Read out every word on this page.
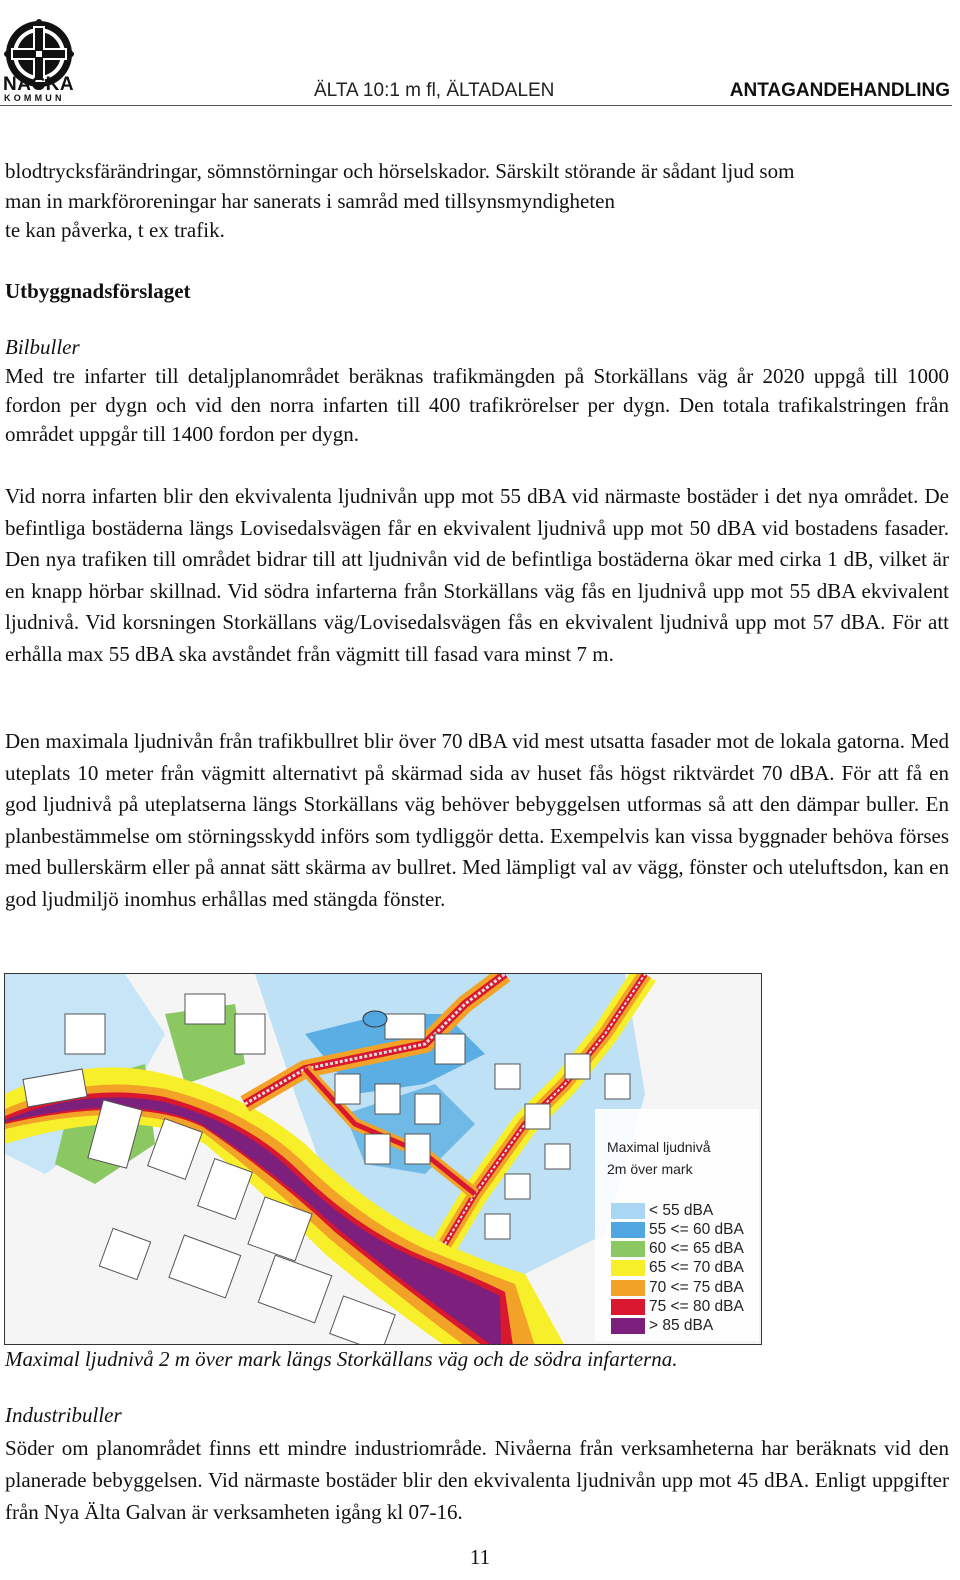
NACKA
KOMMUN	ÄLTA 10:1 m fl, ÄLTADALEN	ANTAGANDEHANDLING
blodtrycksfärändringar, sömnstörningar och hörselskador. Särskilt störande är sådant ljud som
man in markföroreningar har sanerats i samråd med tillsynsmyndigheten
te kan påverka, t ex trafik.
Utbyggnadsförslaget
Bilbuller
Med tre infarter till detaljplanområdet beräknas trafikmängden på Storkällans väg år 2020 uppgå till 1000 fordon per dygn och vid den norra infarten till 400 trafikrörelser per dygn. Den totala trafikalstringen från området uppgår till 1400 fordon per dygn.
Vid norra infarten blir den ekvivalenta ljudnivån upp mot 55 dBA vid närmaste bostäder i det nya området. De befintliga bostäderna längs Lovisedalsvägen får en ekvivalent ljudnivå upp mot 50 dBA vid bostadens fasader. Den nya trafiken till området bidrar till att ljudnivån vid de befintliga bostäderna ökar med cirka 1 dB, vilket är en knapp hörbar skillnad. Vid södra infarterna från Storkällans väg fås en ljudnivå upp mot 55 dBA ekvivalent ljudnivå. Vid korsningen Storkällans väg/Lovisedalsvägen fås en ekvivalent ljudnivå upp mot 57 dBA. För att erhålla max 55 dBA ska avståndet från vägmitt till fasad vara minst 7 m.
Den maximala ljudnivån från trafikbullret blir över 70 dBA vid mest utsatta fasader mot de lokala gatorna. Med uteplats 10 meter från vägmitt alternativt på skärmad sida av huset fås högst riktvärdet 70 dBA. För att få en god ljudnivå på uteplatserna längs Storkällans väg behöver bebyggelsen utformas så att den dämpar buller. En planbestämmelse om störningsskydd införs som tydliggör detta. Exempelvis kan vissa byggnader behöva förses med bullerskärm eller på annat sätt skärma av bullret. Med lämpligt val av vägg, fönster och uteluftsdon, kan en god ljudmiljö inomhus erhållas med stängda fönster.
Maximal ljudnivå
2m över mark
< 55 dBA
55 <= 60 dBA
60 <= 65 dBA
65 <= 70 dBA
70 <= 75 dBA
75 <= 80 dBA
> 85 dBA
Maximal ljudnivå 2 m över mark längs Storkällans väg och de södra infarterna.
Industribuller
Söder om planområdet finns ett mindre industriområde. Nivåerna från verksamheterna har beräknats vid den planerade bebyggelsen. Vid närmaste bostäder blir den ekvivalenta ljudnivån upp mot 45 dBA. Enligt uppgifter från Nya Älta Galvan är verksamheten igång kl 07-16.
11
